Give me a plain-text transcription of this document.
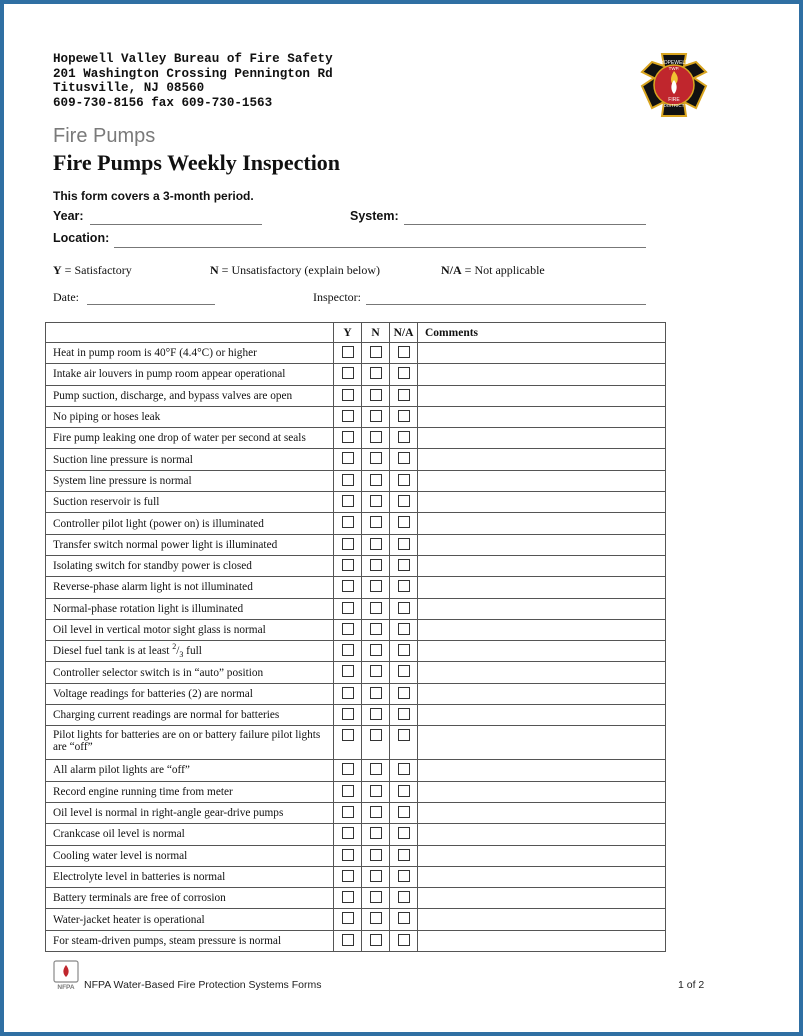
Hopewell Valley Bureau of Fire Safety
201 Washington Crossing Pennington Rd
Titusville, NJ 08560
609-730-8156 fax 609-730-1563
HOPEWELL
TWP.
FIRE
DISTRICT
Fire Pumps
Fire Pumps Weekly Inspection
This form covers a 3-month period.
Year:	System:
Location:
Y = Satisfactory	N = Unsatisfactory (explain below)	N/A = Not applicable
Date:	Inspector:
	Y	N	N/A	Comments
Heat in pump room is 40°F (4.4°C) or higher				
Intake air louvers in pump room appear operational				
Pump suction, discharge, and bypass valves are open				
No piping or hoses leak				
Fire pump leaking one drop of water per second at seals				
Suction line pressure is normal				
System line pressure is normal				
Suction reservoir is full				
Controller pilot light (power on) is illuminated				
Transfer switch normal power light is illuminated				
Isolating switch for standby power is closed				
Reverse-phase alarm light is not illuminated				
Normal-phase rotation light is illuminated				
Oil level in vertical motor sight glass is normal				
Diesel fuel tank is at least $^2/_3$ full				
Controller selector switch is in “auto” position				
Voltage readings for batteries (2) are normal				
Charging current readings are normal for batteries				
Pilot lights for batteries are on or battery failure pilot lights are “off”				
All alarm pilot lights are “off”				
Record engine running time from meter				
Oil level is normal in right-angle gear-drive pumps				
Crankcase oil level is normal				
Cooling water level is normal				
Electrolyte level in batteries is normal				
Battery terminals are free of corrosion				
Water-jacket heater is operational				
For steam-driven pumps, steam pressure is normal				
NFPA NFPA Water-Based Fire Protection Systems Forms	1 of 2
